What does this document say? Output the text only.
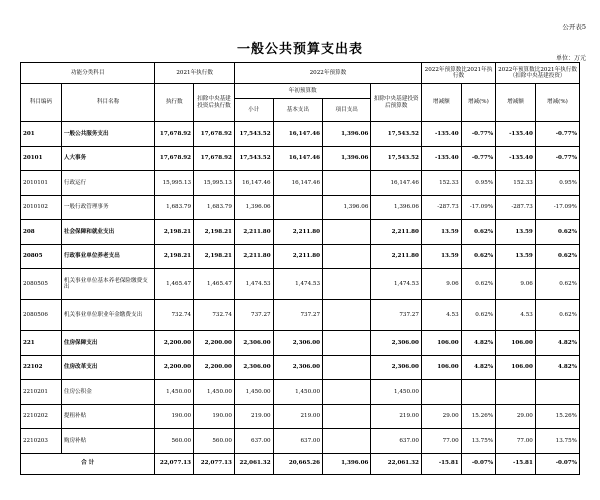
公开表5
一般公共预算支出表
单位：万元
功能分类科目		2021年执行数		2022年预算数				2022年预算数比2021年执行数		2022年预算数比2021年执行数（扣除中央基建投资）	
科目编码	科目名称	执行数	扣除中央基建投资后执行数	年初预算数			扣除中央基建投资后预算数	增减额	增减(%)	增减额	增减(%)
				小计	基本支出	项目支出					
201	一般公共服务支出	17,678.92	17,678.92	17,543.52	16,147.46	1,396.06	17,543.52	-135.40	-0.77%	-135.40	-0.77%
20101	人大事务	17,678.92	17,678.92	17,543.52	16,147.46	1,396.06	17,543.52	-135.40	-0.77%	-135.40	-0.77%
2010101	行政运行	15,995.13	15,995.13	16,147.46	16,147.46		16,147.46	152.33	0.95%	152.33	0.95%
2010102	一般行政管理事务	1,683.79	1,683.79	1,396.06		1,396.06	1,396.06	-287.73	-17.09%	-287.73	-17.09%
208	社会保障和就业支出	2,198.21	2,198.21	2,211.80	2,211.80		2,211.80	13.59	0.62%	13.59	0.62%
20805	行政事业单位养老支出	2,198.21	2,198.21	2,211.80	2,211.80		2,211.80	13.59	0.62%	13.59	0.62%
2080505	机关事业单位基本养老保险缴费支出	1,465.47	1,465.47	1,474.53	1,474.53		1,474.53	9.06	0.62%	9.06	0.62%
2080506	机关事业单位职业年金缴费支出	732.74	732.74	737.27	737.27		737.27	4.53	0.62%	4.53	0.62%
221	住房保障支出	2,200.00	2,200.00	2,306.00	2,306.00		2,306.00	106.00	4.82%	106.00	4.82%
22102	住房改革支出	2,200.00	2,200.00	2,306.00	2,306.00		2,306.00	106.00	4.82%	106.00	4.82%
2210201	住房公积金	1,450.00	1,450.00	1,450.00	1,450.00		1,450.00				
2210202	提租补贴	190.00	190.00	219.00	219.00		219.00	29.00	15.26%	29.00	15.26%
2210203	购房补贴	560.00	560.00	637.00	637.00		637.00	77.00	13.75%	77.00	13.75%
合 计		22,077.13	22,077.13	22,061.32	20,665.26	1,396.06	22,061.32	-15.81	-0.07%	-15.81	-0.07%
